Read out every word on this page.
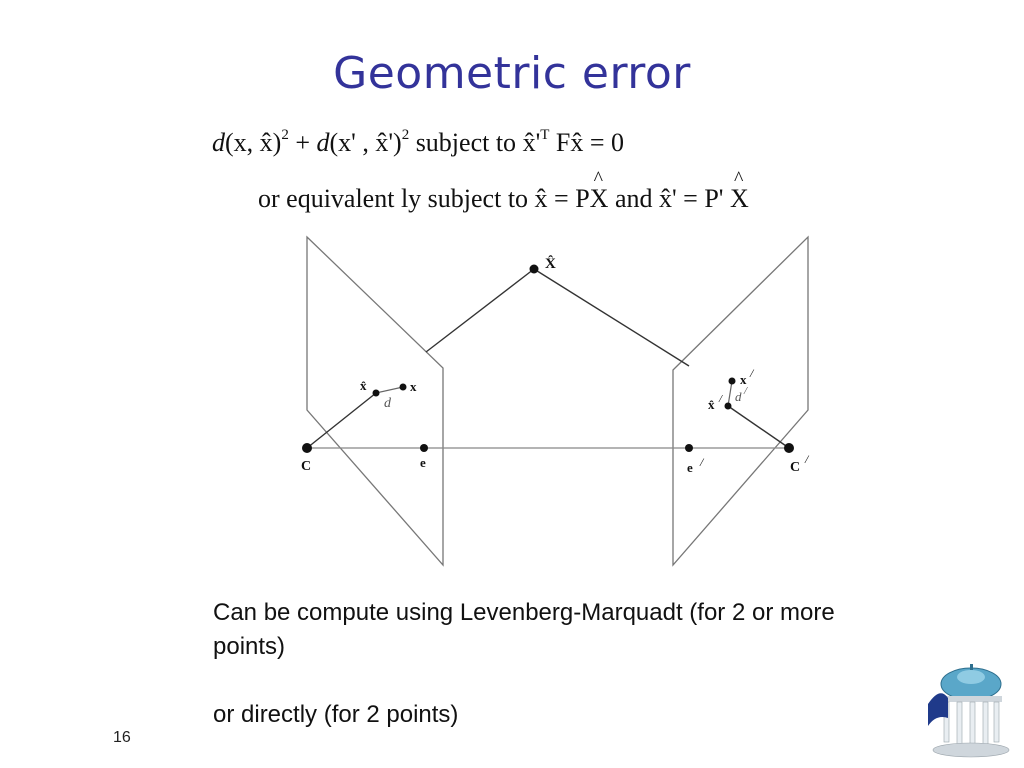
Geometric error
d(x, x̂)$^2$ + d(x' , x̂')$^2$ subject to $x̂'^T$ Fx̂ = 0
or equivalent ly subject to x̂ = P^ X and x̂' = P' ^ X
X̂
x̂	x
d
C	e
x /
x̂ / d /
e /	C
/

Can be compute using Levenberg-Marquadt (for 2 or more points)

or directly (for 2 points)

16
